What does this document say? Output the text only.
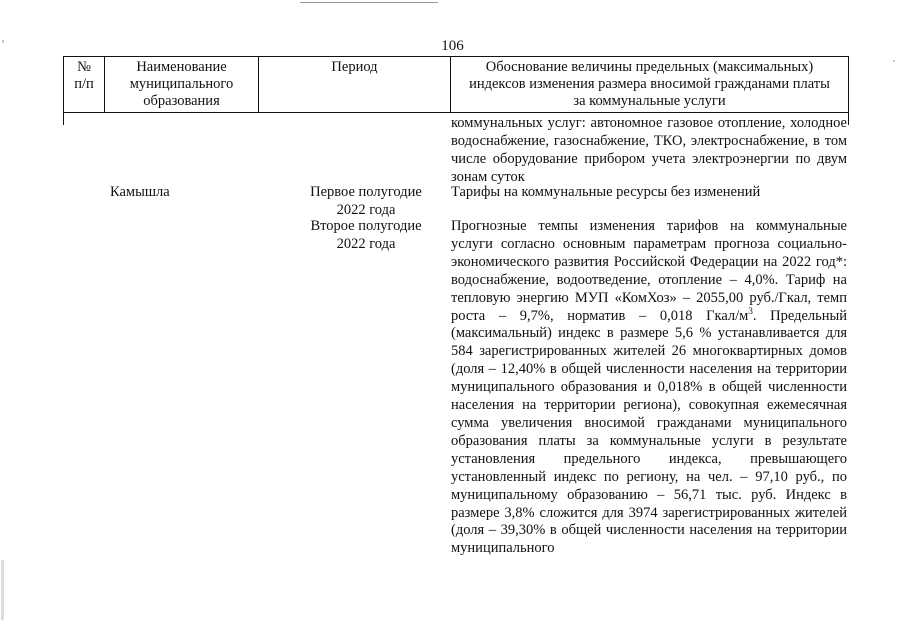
106
№
п/п
Наименование
муниципального
образования
Период	Обоснование величины предельных (максимальных)
индексов изменения размера вносимой гражданами платы
за коммунальные услуги

коммунальных услуг: автономное газовое отопление, холодное водоснабжение, газоснабжение, ТКО, электроснабжение, в том числе оборудование прибором учета электроэнергии по двум зонам суток

Камышла	Первое полугодие
2022 года

Тарифы на коммунальные ресурсы без изменений

Второе полугодие
2022 года

Прогнозные темпы изменения тарифов на коммунальные услуги согласно основным параметрам прогноза социально-экономического развития Российской Федерации на 2022 год*: водоснабжение, водоотведение, отопление – 4,0%. Тариф на тепловую энергию МУП «КомХоз» – 2055,00 руб./Гкал, темп роста – 9,7%, норматив – 0,018 Гкал/$м^3$. Предельный (максимальный) индекс в размере 5,6 % устанавливается для 584 зарегистрированных жителей 26 многоквартирных домов (доля – 12,40% в общей численности населения на территории муниципального образования и 0,018% в общей численности населения на территории региона), совокупная ежемесячная сумма увеличения вносимой гражданами муниципального образования платы за коммунальные услуги в результате установления предельного индекса, превышающего установленный индекс по региону, на чел. – 97,10 руб., по муниципальному образованию – 56,71 тыс. руб. Индекс в размере 3,8% сложится для 3974 зарегистрированных жителей (доля – 39,30% в общей численности населения на территории муниципального
